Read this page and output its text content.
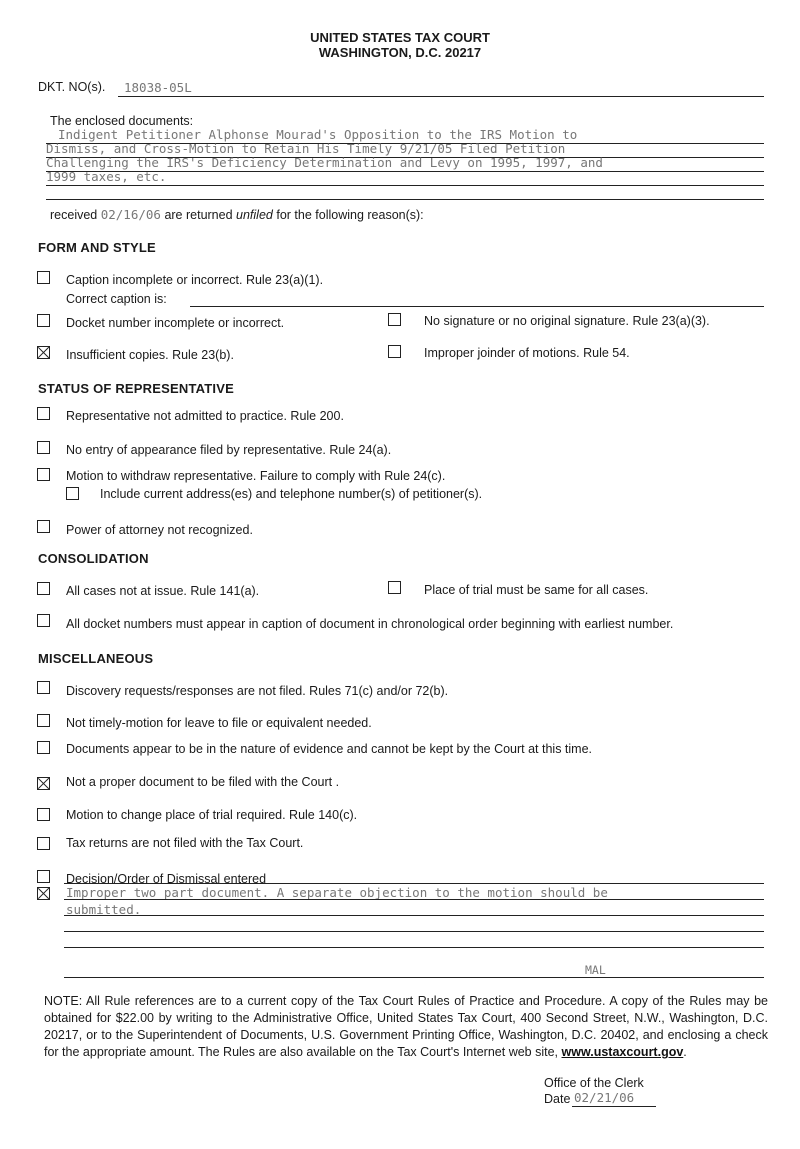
UNITED STATES TAX COURT
WASHINGTON, D.C. 20217
DKT. NO(s). 18038-05L
The enclosed documents:
Indigent Petitioner Alphonse Mourad's Opposition to the IRS Motion to
Dismiss, and Cross-Motion to Retain His Timely 9/21/05 Filed Petition
Challenging the IRS's Deficiency Determination and Levy on 1995, 1997, and
1999 taxes, etc.
received 02/16/06 are returned unfiled for the following reason(s):
FORM AND STYLE
Caption incomplete or incorrect. Rule 23(a)(1).
Correct caption is:
Docket number incomplete or incorrect.	No signature or no original signature. Rule 23(a)(3).
Insufficient copies. Rule 23(b).	Improper joinder of motions. Rule 54.
STATUS OF REPRESENTATIVE
Representative not admitted to practice. Rule 200.
No entry of appearance filed by representative. Rule 24(a).
Motion to withdraw representative. Failure to comply with Rule 24(c).
Include current address(es) and telephone number(s) of petitioner(s).
Power of attorney not recognized.
CONSOLIDATION
All cases not at issue. Rule 141(a).	Place of trial must be same for all cases.
All docket numbers must appear in caption of document in chronological order beginning with earliest number.
MISCELLANEOUS
Discovery requests/responses are not filed. Rules 71(c) and/or 72(b).
Not timely-motion for leave to file or equivalent needed.
Documents appear to be in the nature of evidence and cannot be kept by the Court at this time.
Not a proper document to be filed with the Court .
Motion to change place of trial required. Rule 140(c).
Tax returns are not filed with the Tax Court.
Decision/Order of Dismissal entered
Improper two part document. A separate objection to the motion should be
submitted.
MAL
NOTE: All Rule references are to a current copy of the Tax Court Rules of Practice and Procedure. A copy of the Rules may be obtained for $22.00 by writing to the Administrative Office, United States Tax Court, 400 Second Street, N.W., Washington, D.C. 20217, or to the Superintendent of Documents, U.S. Government Printing Office, Washington, D.C. 20402, and enclosing a check for the appropriate amount. The Rules are also available on the Tax Court's Internet web site, www.ustaxcourt.gov.
Office of the Clerk
Date 02/21/06
